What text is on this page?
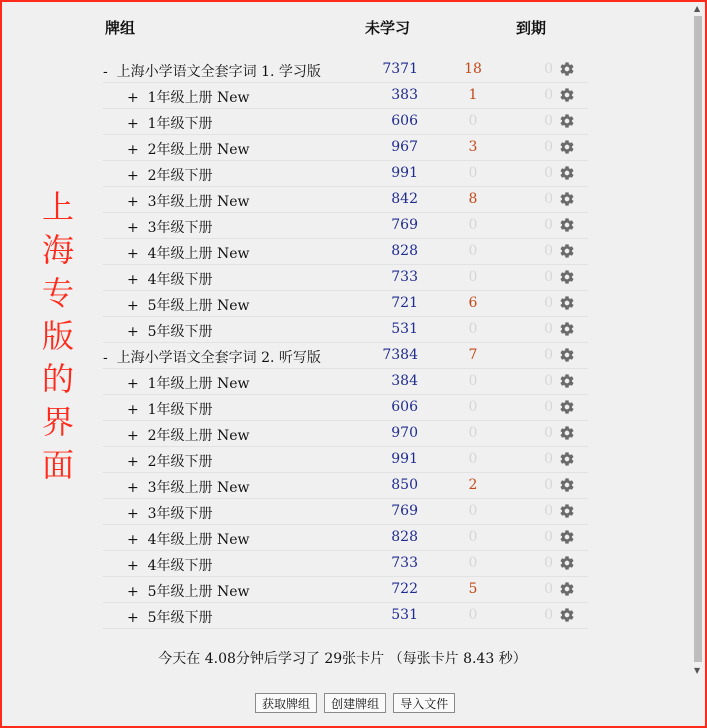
上
海
专
版
的
界
面
牌组	未学习	到期
- 上海小学语文全套字词 1. 学习版	7371	18	0
+ 1年级上册 New	383	1	0
+ 1年级下册	606	0	0
+ 2年级上册 New	967	3	0
+ 2年级下册	991	0	0
+ 3年级上册 New	842	8	0
+ 3年级下册	769	0	0
+ 4年级上册 New	828	0	0
+ 4年级下册	733	0	0
+ 5年级上册 New	721	6	0
+ 5年级下册	531	0	0
- 上海小学语文全套字词 2. 听写版	7384	7	0
+ 1年级上册 New	384	0	0
+ 1年级下册	606	0	0
+ 2年级上册 New	970	0	0
+ 2年级下册	991	0	0
+ 3年级上册 New	850	2	0
+ 3年级下册	769	0	0
+ 4年级上册 New	828	0	0
+ 4年级下册	733	0	0
+ 5年级上册 New	722	5	0
+ 5年级下册	531	0	0
今天在 4.08分钟后学习了 29张卡片 （每张卡片 8.43 秒）
获取牌组 创建牌组 导入文件
▲
▼
